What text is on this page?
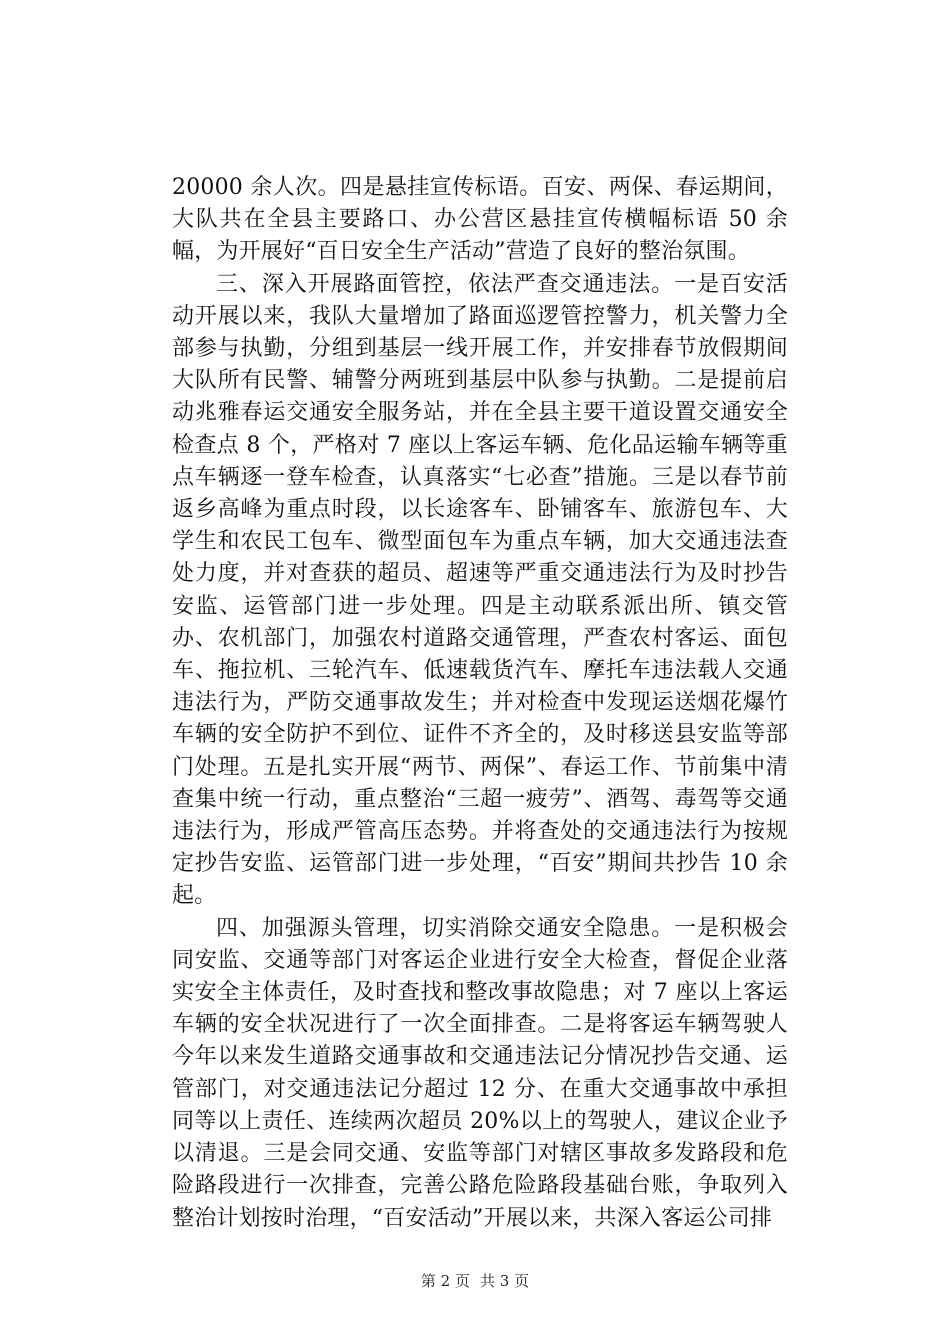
20000 余人次。四是悬挂宣传标语。百安、两保、春运期间，大队共在全县主要路口、办公营区悬挂宣传横幅标语 50 余幅，为开展好“百日安全生产活动”营造了良好的整治氛围。

三、深入开展路面管控，依法严查交通违法。一是百安活动开展以来，我队大量增加了路面巡逻管控警力，机关警力全部参与执勤，分组到基层一线开展工作，并安排春节放假期间大队所有民警、辅警分两班到基层中队参与执勤。二是提前启动兆雅春运交通安全服务站，并在全县主要干道设置交通安全检查点 8 个，严格对 7 座以上客运车辆、危化品运输车辆等重点车辆逐一登车检查，认真落实“七必查”措施。三是以春节前返乡高峰为重点时段，以长途客车、卧铺客车、旅游包车、大学生和农民工包车、微型面包车为重点车辆，加大交通违法查处力度，并对查获的超员、超速等严重交通违法行为及时抄告安监、运管部门进一步处理。四是主动联系派出所、镇交管办、农机部门，加强农村道路交通管理，严查农村客运、面包车、拖拉机、三轮汽车、低速载货汽车、摩托车违法载人交通违法行为，严防交通事故发生；并对检查中发现运送烟花爆竹车辆的安全防护不到位、证件不齐全的，及时移送县安监等部门处理。五是扎实开展“两节、两保”、春运工作、节前集中清查集中统一行动，重点整治“三超一疲劳”、酒驾、毒驾等交通违法行为，形成严管高压态势。并将查处的交通违法行为按规定抄告安监、运管部门进一步处理，“百安”期间共抄告 10 余起。

四、加强源头管理，切实消除交通安全隐患。一是积极会同安监、交通等部门对客运企业进行安全大检查，督促企业落实安全主体责任，及时查找和整改事故隐患；对 7 座以上客运车辆的安全状况进行了一次全面排查。二是将客运车辆驾驶人今年以来发生道路交通事故和交通违法记分情况抄告交通、运管部门，对交通违法记分超过 12 分、在重大交通事故中承担同等以上责任、连续两次超员 20%以上的驾驶人，建议企业予以清退。三是会同交通、安监等部门对辖区事故多发路段和危险路段进行一次排查，完善公路危险路段基础台账，争取列入整治计划按时治理，“百安活动”开展以来，共深入客运公司排

第 2 页 共 3 页
